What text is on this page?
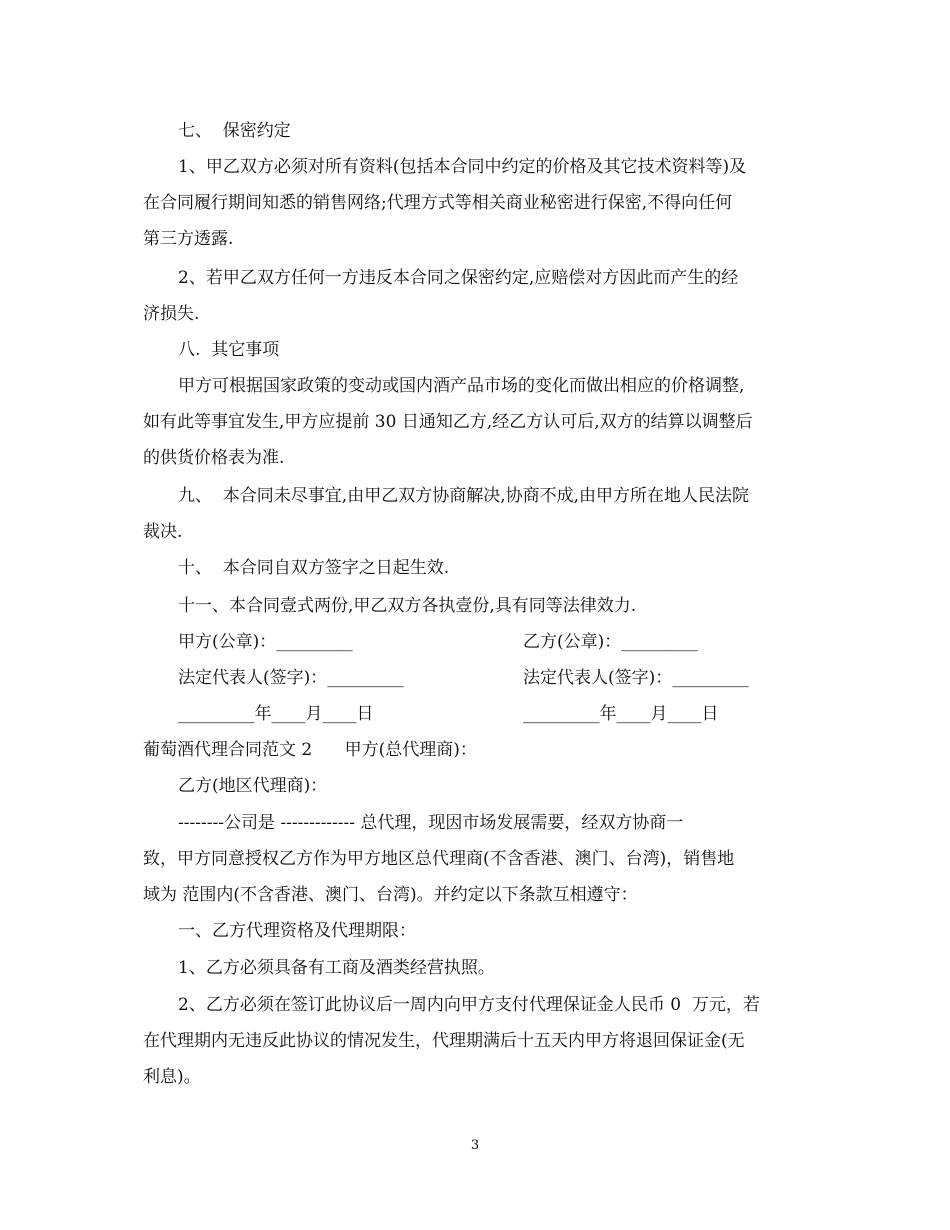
七、  保密约定
1、甲乙双方必须对所有资料(包括本合同中约定的价格及其它技术资料等)及
在合同履行期间知悉的销售网络;代理方式等相关商业秘密进行保密,不得向任何
第三方透露.
2、若甲乙双方任何一方违反本合同之保密约定,应赔偿对方因此而产生的经
济损失.
八.  其它事项
甲方可根据国家政策的变动或国内酒产品市场的变化而做出相应的价格调整,
如有此等事宜发生,甲方应提前 30 日通知乙方,经乙方认可后,双方的结算以调整后
的供货价格表为准.
九、  本合同未尽事宜,由甲乙双方协商解决,协商不成,由甲方所在地人民法院
裁决.
十、  本合同自双方签字之日起生效.
十一、本合同壹式两份,甲乙双方各执壹份,具有同等法律效力.
甲方(公章)：_________	乙方(公章)：_________
法定代表人(签字)：_________	法定代表人(签字)：_________
_________年____月____日	_________年____月____日
葡萄酒代理合同范文 2      甲方(总代理商)：
乙方(地区代理商)：
--------公司是 ------------- 总代理，现因市场发展需要，经双方协商一
致，甲方同意授权乙方作为甲方地区总代理商(不含香港、澳门、台湾)，销售地
域为 范围内(不含香港、澳门、台湾)。并约定以下条款互相遵守：
一、乙方代理资格及代理期限：
1、乙方必须具备有工商及酒类经营执照。
2、乙方必须在签订此协议后一周内向甲方支付代理保证金人民币 0  万元，若
在代理期内无违反此协议的情况发生，代理期满后十五天内甲方将退回保证金(无
利息)。
3
